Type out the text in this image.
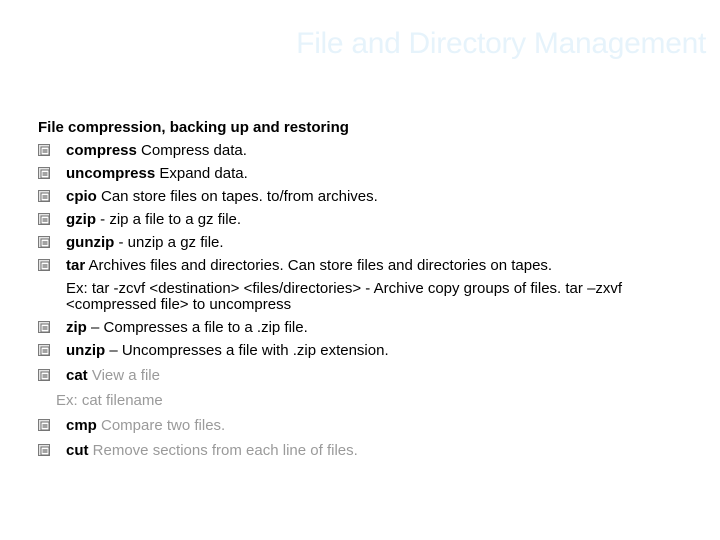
File and Directory Management
File compression, backing up and restoring
compress Compress data.
uncompress Expand data.
cpio Can store files on tapes. to/from archives.
gzip - zip a file to a gz file.
gunzip - unzip a gz file.
tar Archives files and directories. Can store files and directories on tapes.
Ex: tar -zcvf <destination> <files/directories> - Archive copy groups of files. tar –zxvf
<compressed file> to uncompress
zip – Compresses a file to a .zip file.
unzip – Uncompresses a file with .zip extension.
cat View a file
Ex: cat filename
cmp Compare two files.
cut Remove sections from each line of files.
